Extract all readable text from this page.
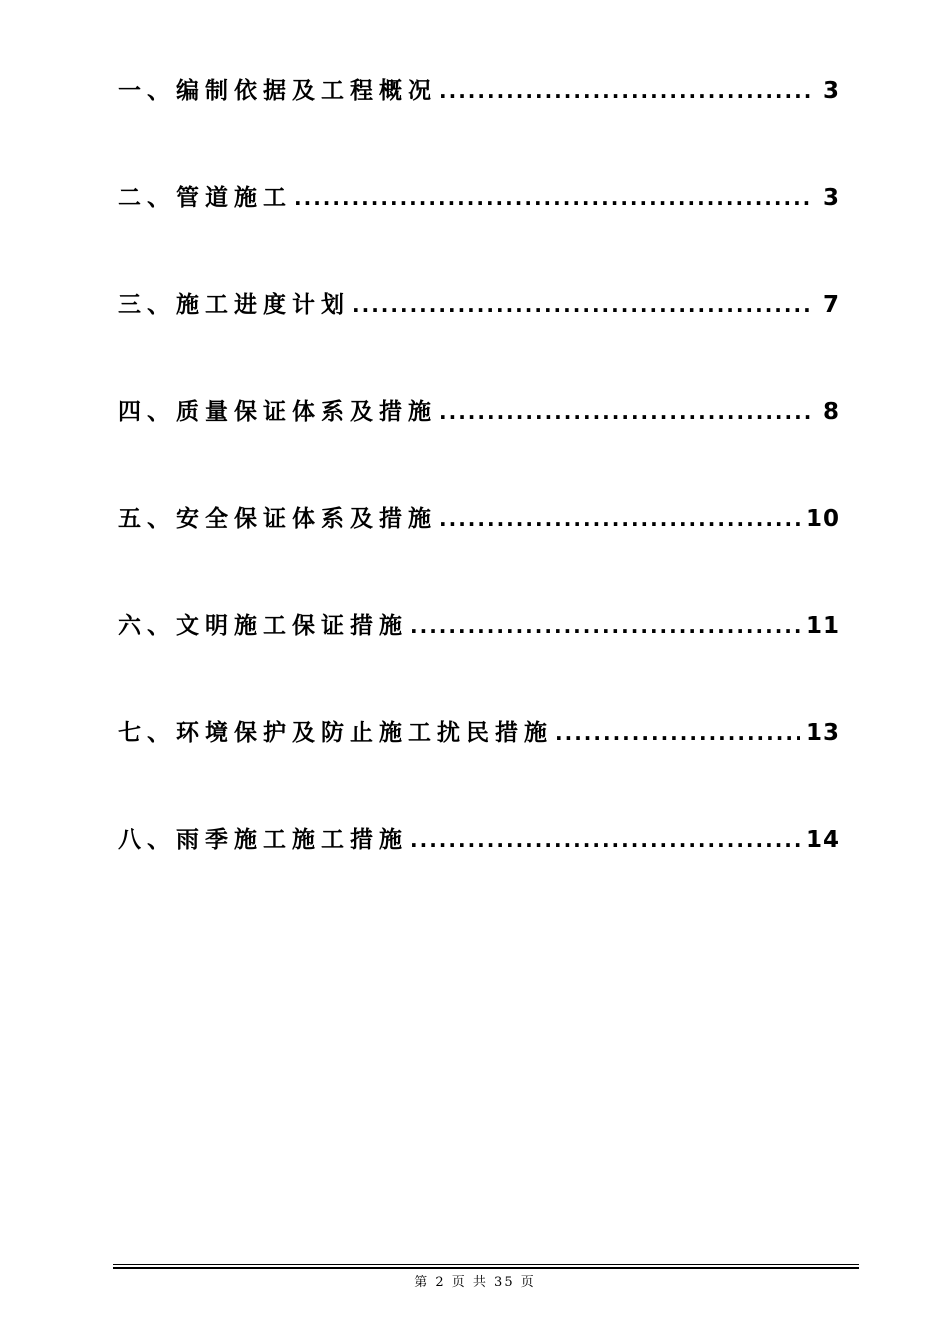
一、编制依据及工程概况 .....	3
二、管道施工 .....	3
三、施工进度计划 .....	7
四、质量保证体系及措施 .....	8
五、安全保证体系及措施 .....	10
六、文明施工保证措施 .....	11
七、环境保护及防止施工扰民措施 .....	13
八、雨季施工施工措施 .....	14
第 2 页 共 35 页
